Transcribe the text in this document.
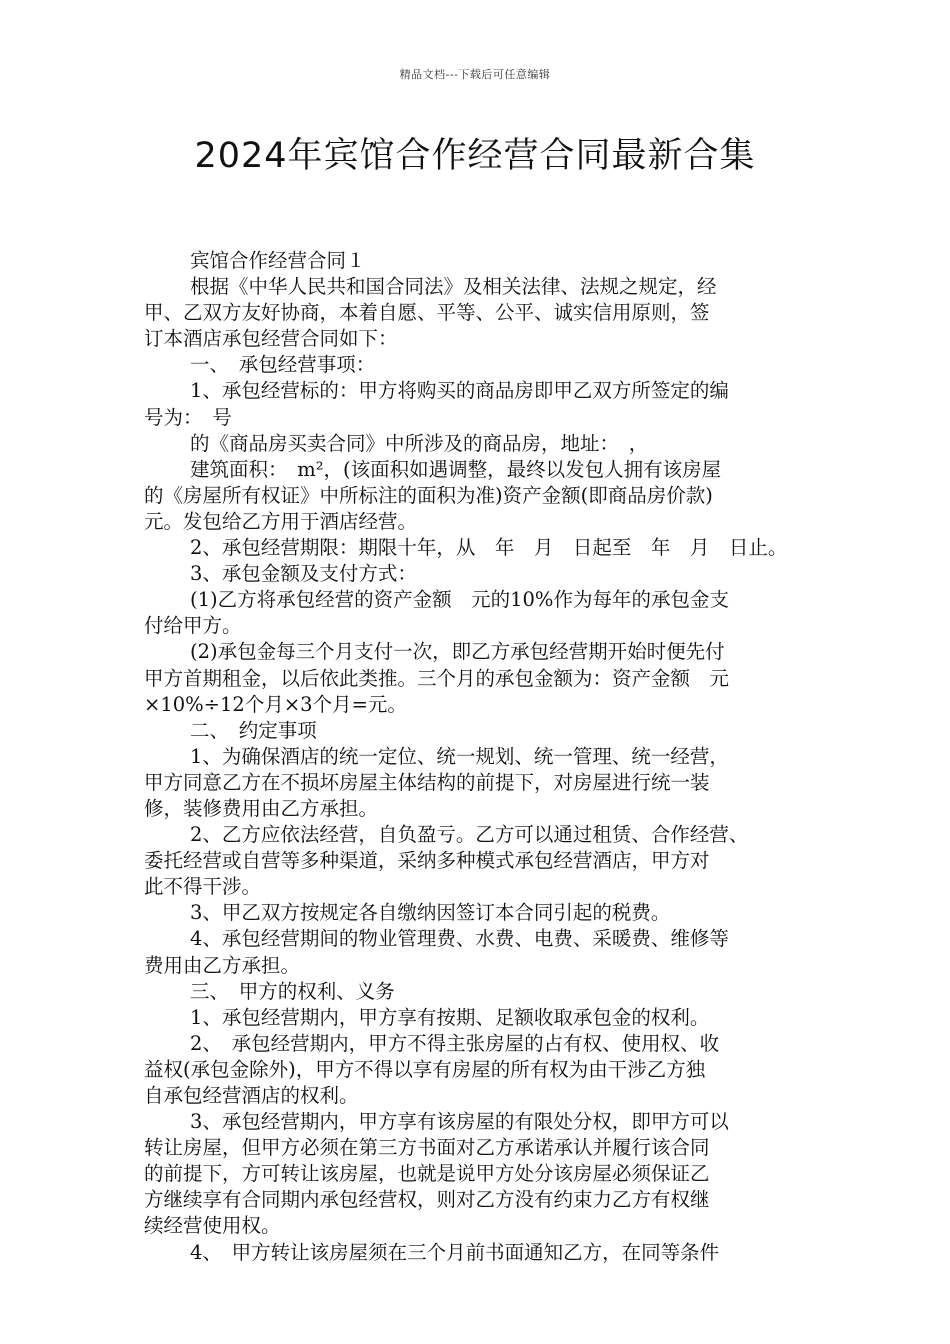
精品文档---下载后可任意编辑
2024年宾馆合作经营合同最新合集

宾馆合作经营合同１

根据《中华人民共和国合同法》及相关法律、法规之规定，经
甲、乙双方友好协商，本着自愿、平等、公平、诚实信用原则，签
订本酒店承包经营合同如下：

一、　承包经营事项：

1、承包经营标的：甲方将购买的商品房即甲乙双方所签定的编
号为：　号

的《商品房买卖合同》中所涉及的商品房，地址：　，

建筑面积：　m²，(该面积如遇调整，最终以发包人拥有该房屋
的《房屋所有权证》中所标注的面积为准)资产金额(即商品房价款)
元。发包给乙方用于酒店经营。

2、承包经营期限：期限十年，从　年　月　日起至　年　月　日止。

3、承包金额及支付方式：

(1)乙方将承包经营的资产金额　元的10%作为每年的承包金支
付给甲方。

(2)承包金每三个月支付一次，即乙方承包经营期开始时便先付
甲方首期租金，以后依此类推。三个月的承包金额为：资产金额　元
×10%÷12个月×3个月=元。

二、　约定事项

1、为确保酒店的统一定位、统一规划、统一管理、统一经营，
甲方同意乙方在不损坏房屋主体结构的前提下，对房屋进行统一装
修，装修费用由乙方承担。

2、乙方应依法经营，自负盈亏。乙方可以通过租赁、合作经营、
委托经营或自营等多种渠道，采纳多种模式承包经营酒店，甲方对
此不得干涉。

3、甲乙双方按规定各自缴纳因签订本合同引起的税费。

4、承包经营期间的物业管理费、水费、电费、采暖费、维修等
费用由乙方承担。

三、　甲方的权利、义务

1、承包经营期内，甲方享有按期、足额收取承包金的权利。

2、　承包经营期内，甲方不得主张房屋的占有权、使用权、收
益权(承包金除外)，甲方不得以享有房屋的所有权为由干涉乙方独
自承包经营酒店的权利。

3、承包经营期内，甲方享有该房屋的有限处分权，即甲方可以
转让房屋，但甲方必须在第三方书面对乙方承诺承认并履行该合同
的前提下，方可转让该房屋，也就是说甲方处分该房屋必须保证乙
方继续享有合同期内承包经营权，则对乙方没有约束力乙方有权继
续经营使用权。

4、　甲方转让该房屋须在三个月前书面通知乙方，在同等条件
